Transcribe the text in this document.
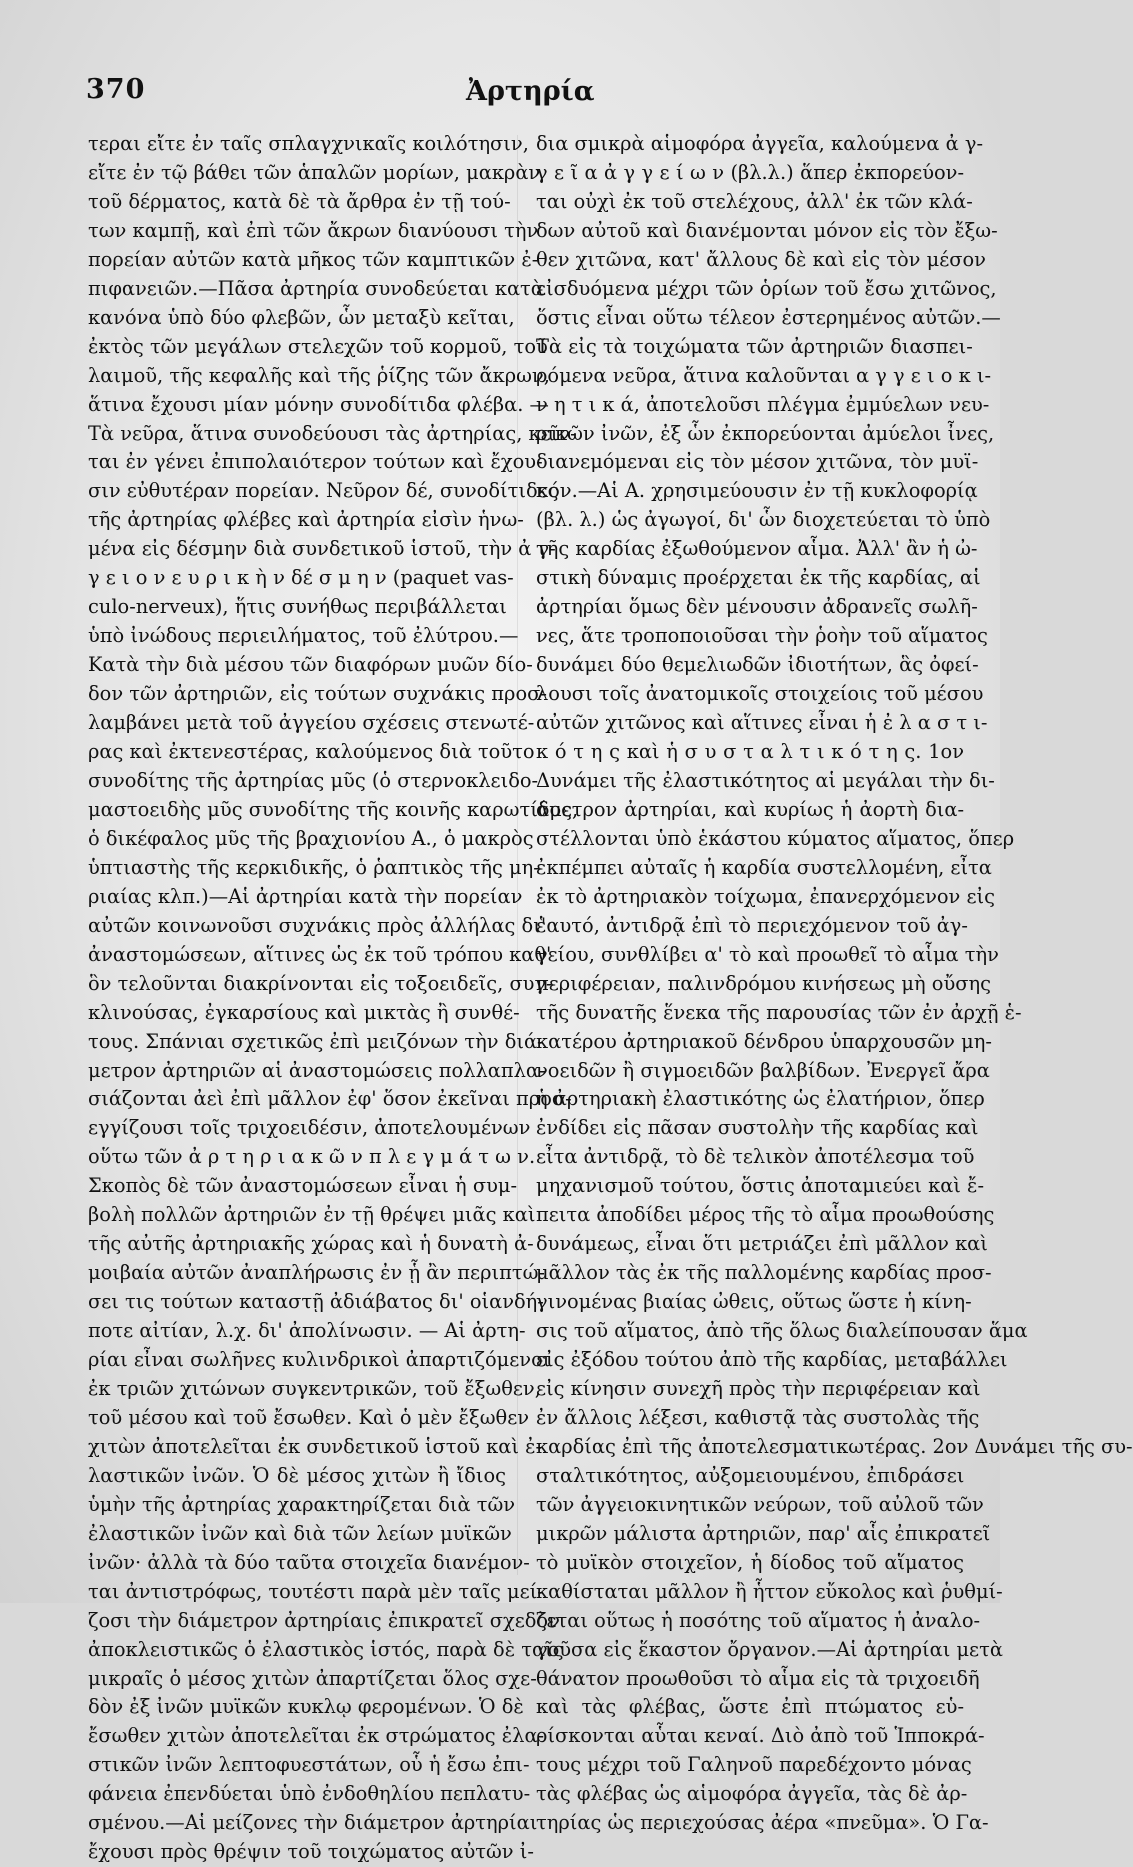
370	Ἀρτηρία
τεραι εἴτε ἐν ταῖς σπλαγχνικαῖς κοιλότησιν,
εἴτε ἐν τῷ βάθει τῶν ἁπαλῶν μορίων, μακρὰν
τοῦ δέρματος, κατὰ δὲ τὰ ἄρθρα ἐν τῇ τού-
των καμπῇ, καὶ ἐπὶ τῶν ἄκρων διανύουσι τὴν
πορείαν αὐτῶν κατὰ μῆκος τῶν καμπτικῶν ἐ-
πιφανειῶν.—Πᾶσα ἀρτηρία συνοδεύεται κατὰ
κανόνα ὑπὸ δύο φλεβῶν, ὧν μεταξὺ κεῖται,
ἐκτὸς τῶν μεγάλων στελεχῶν τοῦ κορμοῦ, τοῦ
λαιμοῦ, τῆς κεφαλῆς καὶ τῆς ῥίζης τῶν ἄκρων,
ἅτινα ἔχουσι μίαν μόνην συνοδίτιδα φλέβα. —
Τὰ νεῦρα, ἅτινα συνοδεύουσι τὰς ἀρτηρίας, κεῖν-
ται ἐν γένει ἐπιπολαιότερον τούτων καὶ ἔχου-
σιν εὐθυτέραν πορείαν. Νεῦρον δέ, συνοδίτιδες
τῆς ἀρτηρίας φλέβες καὶ ἀρτηρία εἰσὶν ἡνω-
μένα εἰς δέσμην διὰ συνδετικοῦ ἱστοῦ, τὴν ἀ γ-
γ ε ι ο ν ε υ ρ ι κ ὴ ν δέ σ μ η ν (paquet vas-
culo-nerveux), ἥτις συνήθως περιβάλλεται
ὑπὸ ἰνώδους περιειλήματος, τοῦ ἐλύτρου.—
Κατὰ τὴν διὰ μέσου τῶν διαφόρων μυῶν δίο-
δον τῶν ἀρτηριῶν, εἰς τούτων συχνάκις προσ-
λαμβάνει μετὰ τοῦ ἀγγείου σχέσεις στενωτέ-
ρας καὶ ἐκτενεστέρας, καλούμενος διὰ τοῦτο
συνοδίτης τῆς ἀρτηρίας μῦς (ὁ στερνοκλειδο-
μαστοειδὴς μῦς συνοδίτης τῆς κοινῆς καρωτίδος,
ὁ δικέφαλος μῦς τῆς βραχιονίου Α., ὁ μακρὸς
ὑπτιαστὴς τῆς κερκιδικῆς, ὁ ῥαπτικὸς τῆς μη-
ριαίας κλπ.)—Αἱ ἀρτηρίαι κατὰ τὴν πορείαν
αὐτῶν κοινωνοῦσι συχνάκις πρὸς ἀλλήλας δι'
ἀναστομώσεων, αἵτινες ὡς ἐκ τοῦ τρόπου καθ'
ὃν τελοῦνται διακρίνονται εἰς τοξοειδεῖς, συγ-
κλινούσας, ἐγκαρσίους καὶ μικτὰς ἢ συνθέ-
τους. Σπάνιαι σχετικῶς ἐπὶ μειζόνων τὴν διά-
μετρον ἀρτηριῶν αἱ ἀναστομώσεις πολλαπλα-
σιάζονται ἀεὶ ἐπὶ μᾶλλον ἐφ' ὅσον ἐκεῖναι προσ-
εγγίζουσι τοῖς τριχοειδέσιν, ἀποτελουμένων
οὕτω τῶν ἀ ρ τ η ρ ι α κ ῶ ν π λ ε γ μ ά τ ω ν.
Σκοπὸς δὲ τῶν ἀναστομώσεων εἶναι ἡ συμ-
βολὴ πολλῶν ἀρτηριῶν ἐν τῇ θρέψει μιᾶς καὶ
τῆς αὐτῆς ἀρτηριακῆς χώρας καὶ ἡ δυνατὴ ἀ-
μοιβαία αὐτῶν ἀναπλήρωσις ἐν ᾗ ἂν περιπτώ-
σει τις τούτων καταστῇ ἀδιάβατος δι' οἱανδή-
ποτε αἰτίαν, λ.χ. δι' ἀπολίνωσιν. — Αἱ ἀρτη-
ρίαι εἶναι σωλῆνες κυλινδρικοὶ ἀπαρτιζόμενοι
ἐκ τριῶν χιτώνων συγκεντρικῶν, τοῦ ἔξωθεν,
τοῦ μέσου καὶ τοῦ ἔσωθεν. Καὶ ὁ μὲν ἔξωθεν
χιτὼν ἀποτελεῖται ἐκ συνδετικοῦ ἱστοῦ καὶ ἐ-
λαστικῶν ἰνῶν. Ὁ δὲ μέσος χιτὼν ἢ ἴδιος
ὑμὴν τῆς ἀρτηρίας χαρακτηρίζεται διὰ τῶν
ἐλαστικῶν ἰνῶν καὶ διὰ τῶν λείων μυϊκῶν
ἰνῶν· ἀλλὰ τὰ δύο ταῦτα στοιχεῖα διανέμον-
ται ἀντιστρόφως, τουτέστι παρὰ μὲν ταῖς μεί-
ζοσι τὴν διάμετρον ἀρτηρίαις ἐπικρατεῖ σχεδὸν
ἀποκλειστικῶς ὁ ἐλαστικὸς ἱστός, παρὰ δὲ ταῖς
μικραῖς ὁ μέσος χιτὼν ἀπαρτίζεται ὅλος σχε-
δὸν ἐξ ἰνῶν μυϊκῶν κυκλῳ φερομένων. Ὁ δὲ
ἔσωθεν χιτὼν ἀποτελεῖται ἐκ στρώματος ἐλα-
στικῶν ἰνῶν λεπτοφυεστάτων, οὗ ἡ ἔσω ἐπι-
φάνεια ἐπενδύεται ὑπὸ ἐνδοθηλίου πεπλατυ-
σμένου.—Αἱ μείζονες τὴν διάμετρον ἀρτηρίαι
ἔχουσι πρὸς θρέψιν τοῦ τοιχώματος αὐτῶν ἰ-
δια σμικρὰ αἱμοφόρα ἀγγεῖα, καλούμενα ἀ γ-
γ ε ῖ α ἀ γ γ ε ί ω ν (βλ.λ.) ἅπερ ἐκπορεύον-
ται οὐχὶ ἐκ τοῦ στελέχους, ἀλλ' ἐκ τῶν κλά-
δων αὐτοῦ καὶ διανέμονται μόνον εἰς τὸν ἔξω-
θεν χιτῶνα, κατ' ἄλλους δὲ καὶ εἰς τὸν μέσον
εἰσδυόμενα μέχρι τῶν ὁρίων τοῦ ἔσω χιτῶνος,
ὅστις εἶναι οὕτω τέλεον ἐστερημένος αὐτῶν.—
Τὰ εἰς τὰ τοιχώματα τῶν ἀρτηριῶν διασπει-
ρόμενα νεῦρα, ἅτινα καλοῦνται α γ γ ε ι ο κ ι-
ν η τ ι κ ά, ἀποτελοῦσι πλέγμα ἐμμύελων νευ-
ρικῶν ἰνῶν, ἐξ ὧν ἐκπορεύονται ἀμύελοι ἶνες,
διανεμόμεναι εἰς τὸν μέσον χιτῶνα, τὸν μυϊ-
κόν.—Αἱ Α. χρησιμεύουσιν ἐν τῇ κυκλοφορίᾳ
(βλ. λ.) ὡς ἀγωγοί, δι' ὧν διοχετεύεται τὸ ὑπὸ
τῆς καρδίας ἐξωθούμενον αἷμα. Ἀλλ' ἂν ἡ ὠ-
στικὴ δύναμις προέρχεται ἐκ τῆς καρδίας, αἱ
ἀρτηρίαι ὅμως δὲν μένουσιν ἀδρανεῖς σωλῆ-
νες, ἅτε τροποποιοῦσαι τὴν ῥοὴν τοῦ αἵματος
δυνάμει δύο θεμελιωδῶν ἰδιοτήτων, ἃς ὀφεί-
λουσι τοῖς ἀνατομικοῖς στοιχείοις τοῦ μέσου
αὐτῶν χιτῶνος καὶ αἵτινες εἶναι ἡ ἐ λ α σ τ ι-
κ ό τ η ς καὶ ἡ σ υ σ τ α λ τ ι κ ό τ η ς. 1ον
Δυνάμει τῆς ἐλαστικότητος αἱ μεγάλαι τὴν δι-
άμετρον ἀρτηρίαι, καὶ κυρίως ἡ ἀορτὴ δια-
στέλλονται ὑπὸ ἑκάστου κύματος αἵματος, ὅπερ
ἐκπέμπει αὐταῖς ἡ καρδία συστελλομένη, εἶτα
ἐκ τὸ ἀρτηριακὸν τοίχωμα, ἐπανερχόμενον εἰς
ἑαυτό, ἀντιδρᾷ ἐπὶ τὸ περιεχόμενον τοῦ ἀγ-
γείου, συνθλίβει α' τὸ καὶ προωθεῖ τὸ αἷμα τὴν
περιφέρειαν, παλινδρόμου κινήσεως μὴ οὔσης
τῆς δυνατῆς ἕνεκα τῆς παρουσίας τῶν ἐν ἀρχῇ ἑ-
κατέρου ἀρτηριακοῦ δένδρου ὑπαρχουσῶν μη-
νοειδῶν ἢ σιγμοειδῶν βαλβίδων. Ἐνεργεῖ ἄρα
ἡ ἀρτηριακὴ ἐλαστικότης ὡς ἐλατήριον, ὅπερ
ἐνδίδει εἰς πᾶσαν συστολὴν τῆς καρδίας καὶ
εἶτα ἀντιδρᾷ, τὸ δὲ τελικὸν ἀποτέλεσμα τοῦ
μηχανισμοῦ τούτου, ὅστις ἀποταμιεύει καὶ ἔ-
πειτα ἀποδίδει μέρος τῆς τὸ αἷμα προωθούσης
δυνάμεως, εἶναι ὅτι μετριάζει ἐπὶ μᾶλλον καὶ
μᾶλλον τὰς ἐκ τῆς παλλομένης καρδίας προσ-
γινομένας βιαίας ὠθεις, οὕτως ὥστε ἡ κίνη-
σις τοῦ αἵματος, ἀπὸ τῆς ὅλως διαλείπουσαν ἅμα
εἰς ἐξόδου τούτου ἀπὸ τῆς καρδίας, μεταβάλλει
εἰς κίνησιν συνεχῆ πρὸς τὴν περιφέρειαν καὶ
ἐν ἄλλοις λέξεσι, καθιστᾷ τὰς συστολὰς τῆς
καρδίας ἐπὶ τῆς ἀποτελεσματικωτέρας. 2ον Δυνάμει τῆς συ-
σταλτικότητος, αὐξομειουμένου, ἐπιδράσει
τῶν ἀγγειοκινητικῶν νεύρων, τοῦ αὐλοῦ τῶν
μικρῶν μάλιστα ἀρτηριῶν, παρ' αἷς ἐπικρατεῖ
τὸ μυϊκὸν στοιχεῖον, ἡ δίοδος τοῦ αἵματος
καθίσταται μᾶλλον ἢ ἧττον εὔκολος καὶ ῥυθμί-
ζεται οὕτως ἡ ποσότης τοῦ αἵματος ἡ ἀναλο-
γοῦσα εἰς ἕκαστον ὄργανον.—Αἱ ἀρτηρίαι μετὰ
θάνατον προωθοῦσι τὸ αἷμα εἰς τὰ τριχοειδῆ
καὶ τὰς φλέβας, ὥστε ἐπὶ πτώματος εὑ-
ρίσκονται αὗται κεναί. Διὸ ἀπὸ τοῦ Ἱπποκρά-
τους μέχρι τοῦ Γαληνοῦ παρεδέχοντο μόνας
τὰς φλέβας ὡς αἱμοφόρα ἀγγεῖα, τὰς δὲ ἀρ-
τηρίας ὡς περιεχούσας ἀέρα «πνεῦμα». Ὁ Γα-
